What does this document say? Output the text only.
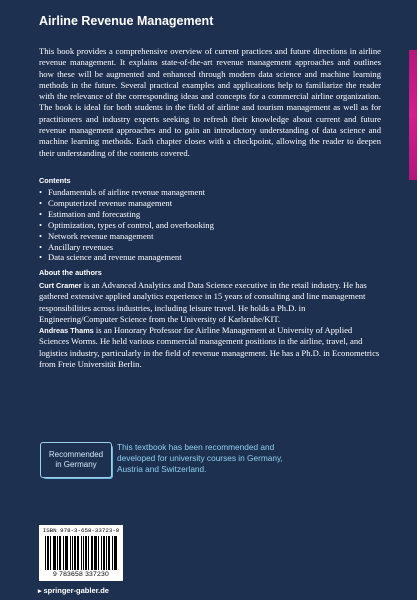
Airline Revenue Management
This book provides a comprehensive overview of current practices and future directions in airline revenue management. It explains state-of-the-art revenue management approaches and outlines how these will be augmented and enhanced through modern data science and machine learning methods in the future. Several practical examples and applications help to familiarize the reader with the relevance of the corresponding ideas and concepts for a commercial airline organization. The book is ideal for both students in the field of airline and tourism management as well as for practitioners and industry experts seeking to refresh their knowledge about current and future revenue management approaches and to gain an introductory understanding of data science and machine learning methods. Each chapter closes with a checkpoint, allowing the reader to deepen their understanding of the contents covered.
Contents
• Fundamentals of airline revenue management
• Computerized revenue management
• Estimation and forecasting
• Optimization, types of control, and overbooking
• Network revenue management
• Ancillary revenues
• Data science and revenue management
About the authors

Curt Cramer is an Advanced Analytics and Data Science executive in the retail industry. He has gathered extensive applied analytics experience in 15 years of consulting and line management responsibilities across industries, including leisure travel. He holds a Ph.D. in Engineering/Computer Science from the University of Karlsruhe/KIT.

Andreas Thams is an Honorary Professor for Airline Management at University of Applied Sciences Worms. He held various commercial management positions in the airline, travel, and logistics industry, particularly in the field of revenue management. He has a Ph.D. in Econometrics from Freie Universität Berlin.

Recommended in Germany
This textbook has been recommended and developed for university courses in Germany, Austria and Switzerland.
ISBN 978-3-658-33723-0
9 783658 337230
▸ springer-gabler.de
